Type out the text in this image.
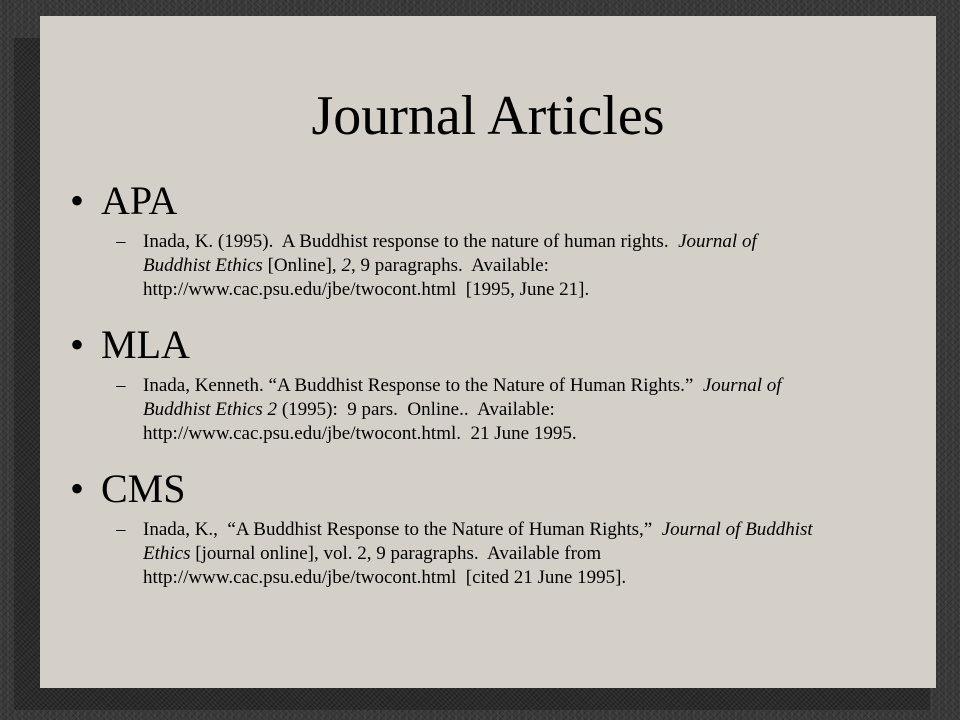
Journal Articles
• APA
– Inada, K. (1995).  A Buddhist response to the nature of human rights.  Journal of
Buddhist Ethics [Online], 2, 9 paragraphs.  Available:
http://www.cac.psu.edu/jbe/twocont.html  [1995, June 21].
• MLA
– Inada, Kenneth. “A Buddhist Response to the Nature of Human Rights.”  Journal of
Buddhist Ethics 2 (1995):  9 pars.  Online..  Available:
http://www.cac.psu.edu/jbe/twocont.html.  21 June 1995.
• CMS
– Inada, K.,  “A Buddhist Response to the Nature of Human Rights,”  Journal of Buddhist
Ethics [journal online], vol. 2, 9 paragraphs.  Available from
http://www.cac.psu.edu/jbe/twocont.html  [cited 21 June 1995].
